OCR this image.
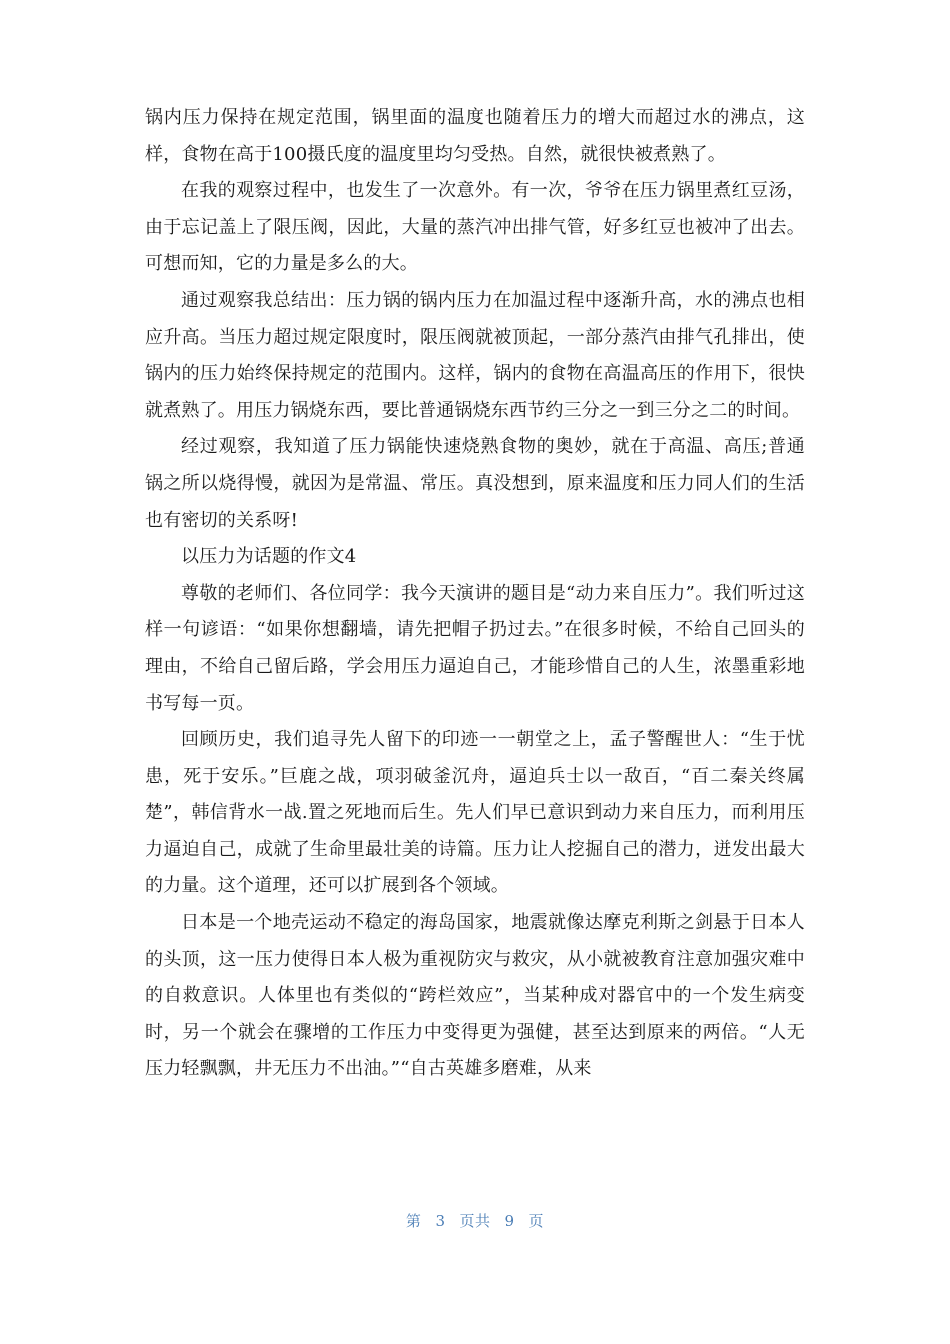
锅内压力保持在规定范围，锅里面的温度也随着压力的增大而超过水的沸点，这样，食物在高于100摄氏度的温度里均匀受热。自然，就很快被煮熟了。

在我的观察过程中，也发生了一次意外。有一次，爷爷在压力锅里煮红豆汤，由于忘记盖上了限压阀，因此，大量的蒸汽冲出排气管，好多红豆也被冲了出去。可想而知，它的力量是多么的大。

通过观察我总结出：压力锅的锅内压力在加温过程中逐渐升高，水的沸点也相应升高。当压力超过规定限度时，限压阀就被顶起，一部分蒸汽由排气孔排出，使锅内的压力始终保持规定的范围内。这样，锅内的食物在高温高压的作用下，很快就煮熟了。用压力锅烧东西，要比普通锅烧东西节约三分之一到三分之二的时间。

经过观察，我知道了压力锅能快速烧熟食物的奥妙，就在于高温、高压;普通锅之所以烧得慢，就因为是常温、常压。真没想到，原来温度和压力同人们的生活也有密切的关系呀!

以压力为话题的作文4

尊敬的老师们、各位同学：我今天演讲的题目是“动力来自压力”。我们听过这样一句谚语：“如果你想翻墙，请先把帽子扔过去。”在很多时候，不给自己回头的理由，不给自己留后路，学会用压力逼迫自己，才能珍惜自己的人生，浓墨重彩地书写每一页。

回顾历史，我们追寻先人留下的印迹一一朝堂之上，孟子警醒世人：“生于忧患，死于安乐。”巨鹿之战，项羽破釜沉舟，逼迫兵士以一敌百，“百二秦关终属楚”，韩信背水一战.置之死地而后生。先人们早已意识到动力来自压力，而利用压力逼迫自己，成就了生命里最壮美的诗篇。压力让人挖掘自己的潜力，迸发出最大的力量。这个道理，还可以扩展到各个领域。

日本是一个地壳运动不稳定的海岛国家，地震就像达摩克利斯之剑悬于日本人的头顶，这一压力使得日本人极为重视防灾与救灾，从小就被教育注意加强灾难中的自救意识。人体里也有类似的“跨栏效应”，当某种成对器官中的一个发生病变时，另一个就会在骤增的工作压力中变得更为强健，甚至达到原来的两倍。“人无压力轻飘飘，井无压力不出油。”“自古英雄多磨难，从来

第 3 页共 9 页
